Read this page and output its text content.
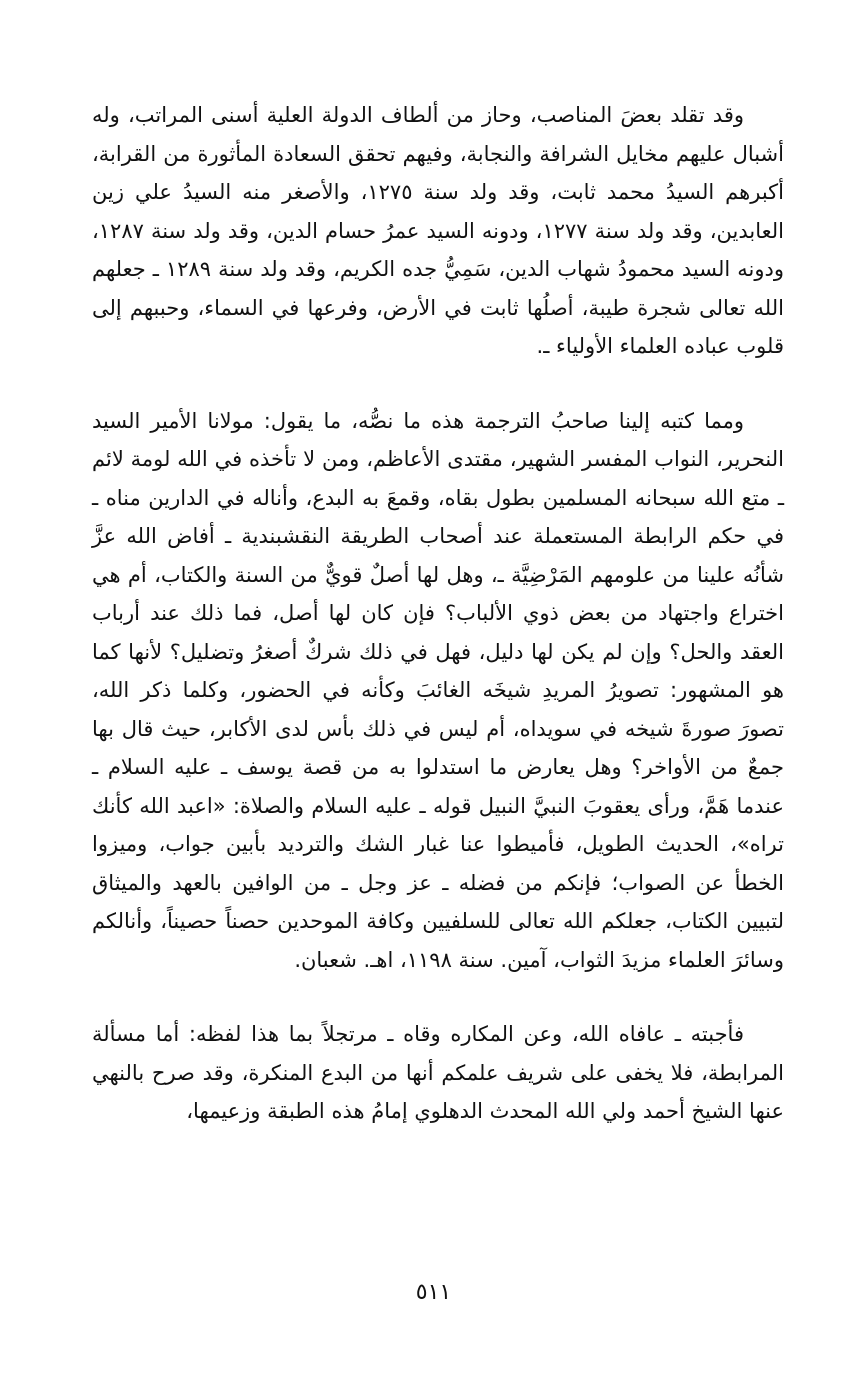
وقد تقلد بعضَ المناصب، وحاز من ألطاف الدولة العلية أسنى المراتب، وله أشبال عليهم مخايل الشرافة والنجابة، وفيهم تحقق السعادة المأثورة من القرابة، أكبرهم السيدُ محمد ثابت، وقد ولد سنة ١٢٧٥، والأصغر منه السيدُ علي زين العابدين، وقد ولد سنة ١٢٧٧، ودونه السيد عمرُ حسام الدين، وقد ولد سنة ١٢٨٧، ودونه السيد محمودُ شهاب الدين، سَمِيُّ جده الكريم، وقد ولد سنة ١٢٨٩ ـ جعلهم الله تعالى شجرة طيبة، أصلُها ثابت في الأرض، وفرعها في السماء، وحببهم إلى قلوب عباده العلماء الأولياء ـ.

ومما كتبه إلينا صاحبُ الترجمة هذه ما نصُّه، ما يقول: مولانا الأمير السيد النحرير، النواب المفسر الشهير، مقتدى الأعاظم، ومن لا تأخذه في الله لومة لائم ـ متع الله سبحانه المسلمين بطول بقاه، وقمعَ به البدع، وأناله في الدارين مناه ـ في حكم الرابطة المستعملة عند أصحاب الطريقة النقشبندية ـ أفاض الله عزَّ شأنُه علينا من علومهم المَرْضِيَّة ـ، وهل لها أصلٌ قويٌّ من السنة والكتاب، أم هي اختراع واجتهاد من بعض ذوي الألباب؟ فإن كان لها أصل، فما ذلك عند أرباب العقد والحل؟ وإن لم يكن لها دليل، فهل في ذلك شركٌ أصغرُ وتضليل؟ لأنها كما هو المشهور: تصويرُ المريدِ شيخَه الغائبَ وكأنه في الحضور، وكلما ذكر الله، تصورَ صورةَ شيخه في سويداه، أم ليس في ذلك بأس لدى الأكابر، حيث قال بها جمعٌ من الأواخر؟ وهل يعارض ما استدلوا به من قصة يوسف ـ عليه السلام ـ عندما هَمَّ، ورأى يعقوبَ النبيَّ النبيل قوله ـ عليه السلام والصلاة: «اعبد الله كأنك تراه»، الحديث الطويل، فأميطوا عنا غبار الشك والترديد بأبين جواب، وميزوا الخطأ عن الصواب؛ فإنكم من فضله ـ عز وجل ـ من الوافين بالعهد والميثاق لتبيين الكتاب، جعلكم الله تعالى للسلفيين وكافة الموحدين حصناً حصيناً، وأنالكم وسائرَ العلماء مزيدَ الثواب، آمين. سنة ١١٩٨، اهـ. شعبان.

فأجبته ـ عافاه الله، وعن المكاره وقاه ـ مرتجلاً بما هذا لفظه: أما مسألة المرابطة، فلا يخفى على شريف علمكم أنها من البدع المنكرة، وقد صرح بالنهي عنها الشيخ أحمد ولي الله المحدث الدهلوي إمامُ هذه الطبقة وزعيمها،

٥١١
